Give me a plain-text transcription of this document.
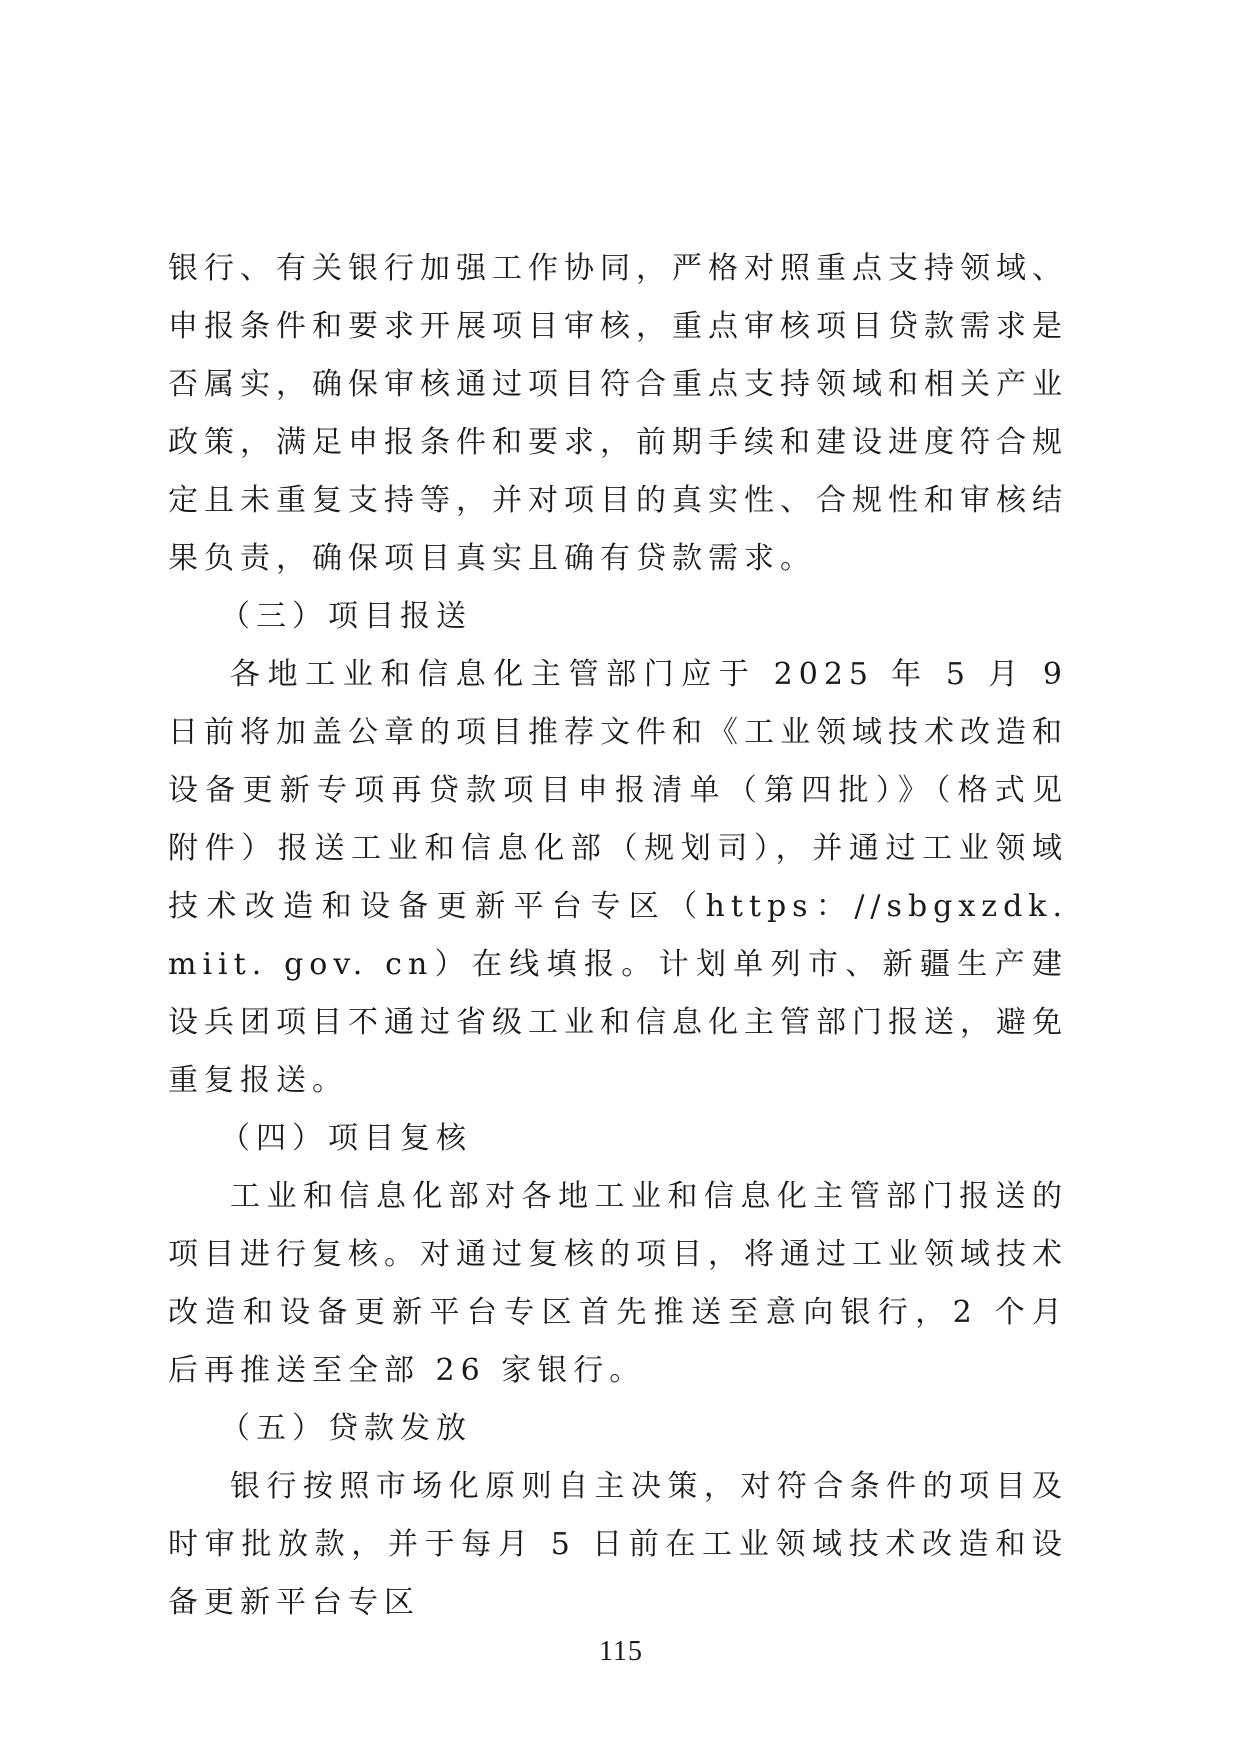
银行、有关银行加强工作协同，严格对照重点支持领域、申报条件和要求开展项目审核，重点审核项目贷款需求是否属实，确保审核通过项目符合重点支持领域和相关产业政策，满足申报条件和要求，前期手续和建设进度符合规定且未重复支持等，并对项目的真实性、合规性和审核结果负责，确保项目真实且确有贷款需求。

（三）项目报送

各地工业和信息化主管部门应于 2025 年 5 月 9 日前将加盖公章的项目推荐文件和《工业领域技术改造和设备更新专项再贷款项目申报清单（第四批）》（格式见附件）报送工业和信息化部（规划司），并通过工业领域技术改造和设备更新平台专区（https：//sbgxzdk. miit. gov. cn）在线填报。计划单列市、新疆生产建设兵团项目不通过省级工业和信息化主管部门报送，避免重复报送。

（四）项目复核

工业和信息化部对各地工业和信息化主管部门报送的项目进行复核。对通过复核的项目，将通过工业领域技术改造和设备更新平台专区首先推送至意向银行，2 个月后再推送至全部 26 家银行。

（五）贷款发放

银行按照市场化原则自主决策，对符合条件的项目及时审批放款，并于每月 5 日前在工业领域技术改造和设备更新平台专区

115
